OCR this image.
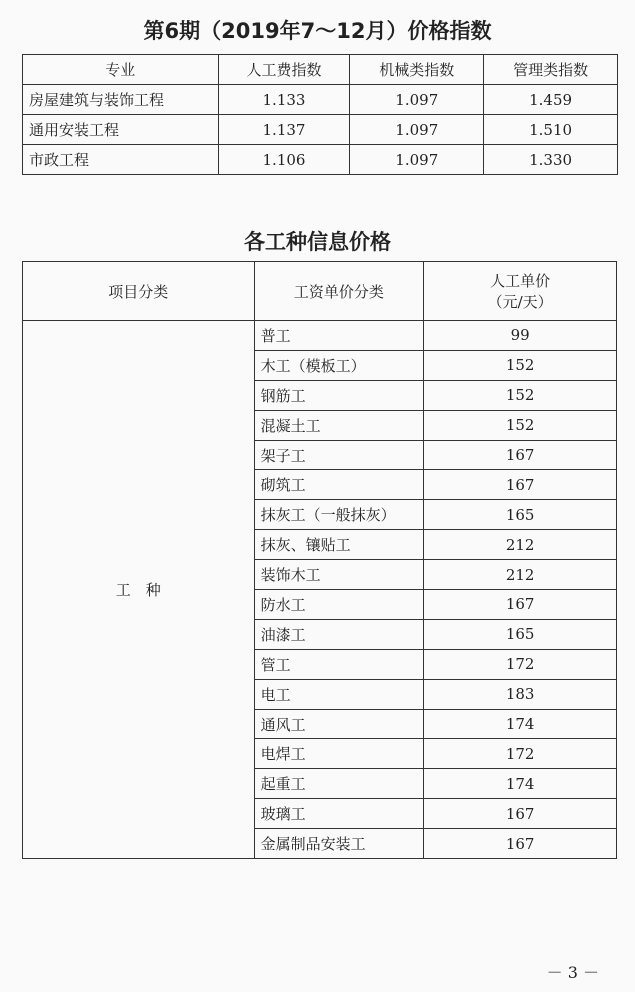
第6期（2019年7～12月）价格指数
专业	人工费指数	机械类指数	管理类指数
房屋建筑与装饰工程	1.133	1.097	1.459
通用安装工程	1.137	1.097	1.510
市政工程	1.106	1.097	1.330
各工种信息价格
项目分类	工资单价分类	人工单价
（元/天）

工　种	普工	99
	木工（模板工）	152
	钢筋工	152
	混凝土工	152
	架子工	167
	砌筑工	167
	抹灰工（一般抹灰）	165
	抹灰、镶贴工	212
	装饰木工	212
	防水工	167
	油漆工	165
	管工	172
	电工	183
	通风工	174
	电焊工	172
	起重工	174
	玻璃工	167
	金属制品安装工	167
－ 3 －
